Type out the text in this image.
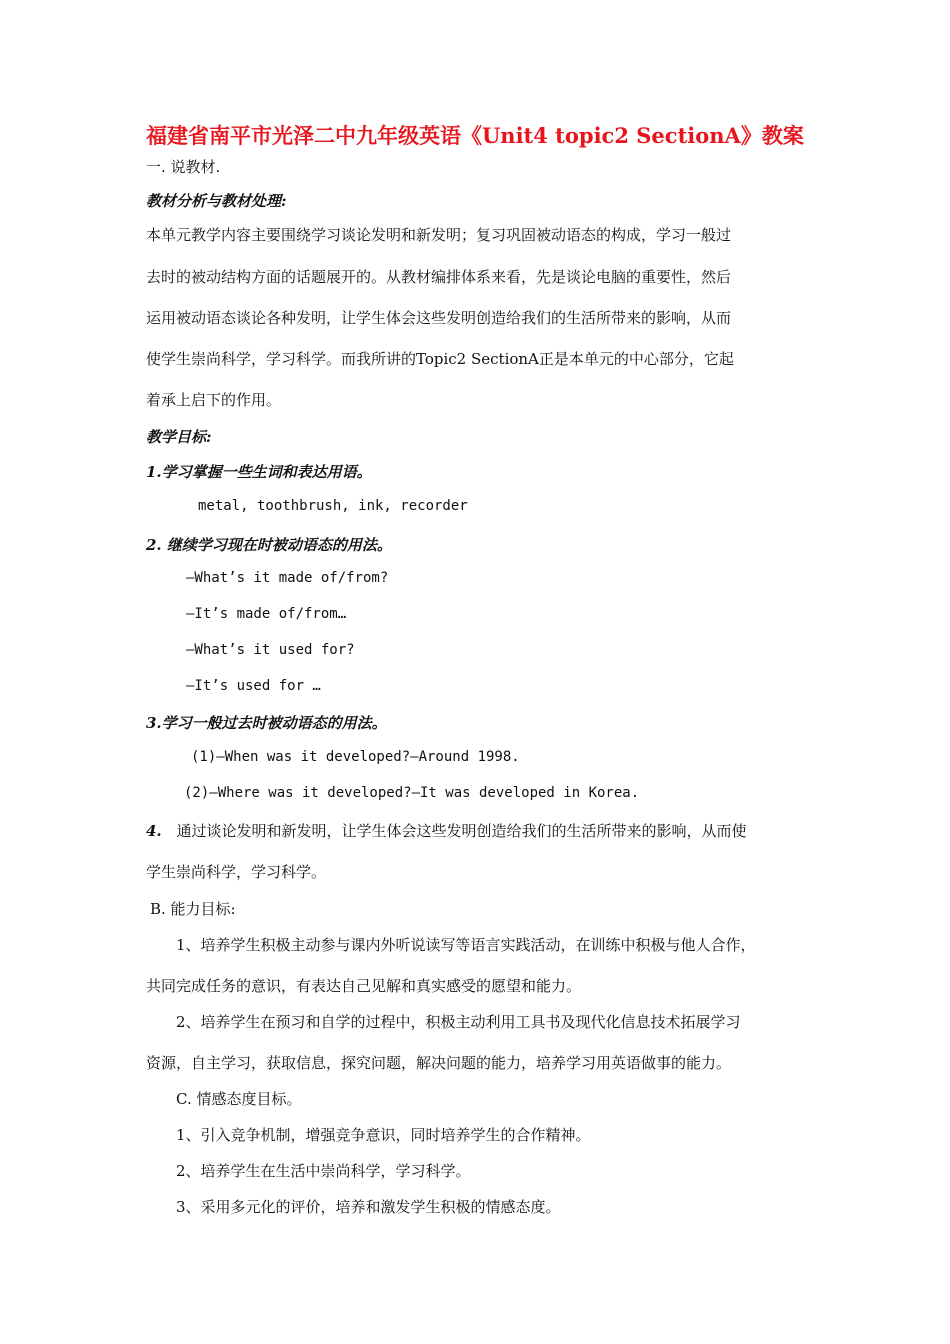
福建省南平市光泽二中九年级英语《Unit4 topic2 SectionA》教案
一. 说教材.
教材分析与教材处理:
本单元教学内容主要围绕学习谈论发明和新发明；复习巩固被动语态的构成，学习一般过
去时的被动结构方面的话题展开的。从教材编排体系来看，先是谈论电脑的重要性，然后
运用被动语态谈论各种发明，让学生体会这些发明创造给我们的生活所带来的影响，从而
使学生崇尚科学，学习科学。而我所讲的Topic2 SectionA正是本单元的中心部分，它起
着承上启下的作用。
教学目标:
1.学习掌握一些生词和表达用语。
metal, toothbrush, ink, recorder
2. 继续学习现在时被动语态的用法。
—What’s it made of/from?
—It’s made of/from…
—What’s it used for?
—It’s used for …
3.学习一般过去时被动语态的用法。
(1)—When was it developed?—Around 1998.
(2)—Where was it developed?—It was developed in Korea.
4. 通过谈论发明和新发明，让学生体会这些发明创造给我们的生活所带来的影响，从而使
学生崇尚科学，学习科学。
B. 能力目标:
1、培养学生积极主动参与课内外听说读写等语言实践活动，在训练中积极与他人合作，
共同完成任务的意识，有表达自己见解和真实感受的愿望和能力。
2、培养学生在预习和自学的过程中，积极主动利用工具书及现代化信息技术拓展学习
资源，自主学习，获取信息，探究问题，解决问题的能力，培养学习用英语做事的能力。
C. 情感态度目标。
1、引入竞争机制，增强竞争意识，同时培养学生的合作精神。
2、培养学生在生活中崇尚科学，学习科学。
3、采用多元化的评价，培养和激发学生积极的情感态度。
